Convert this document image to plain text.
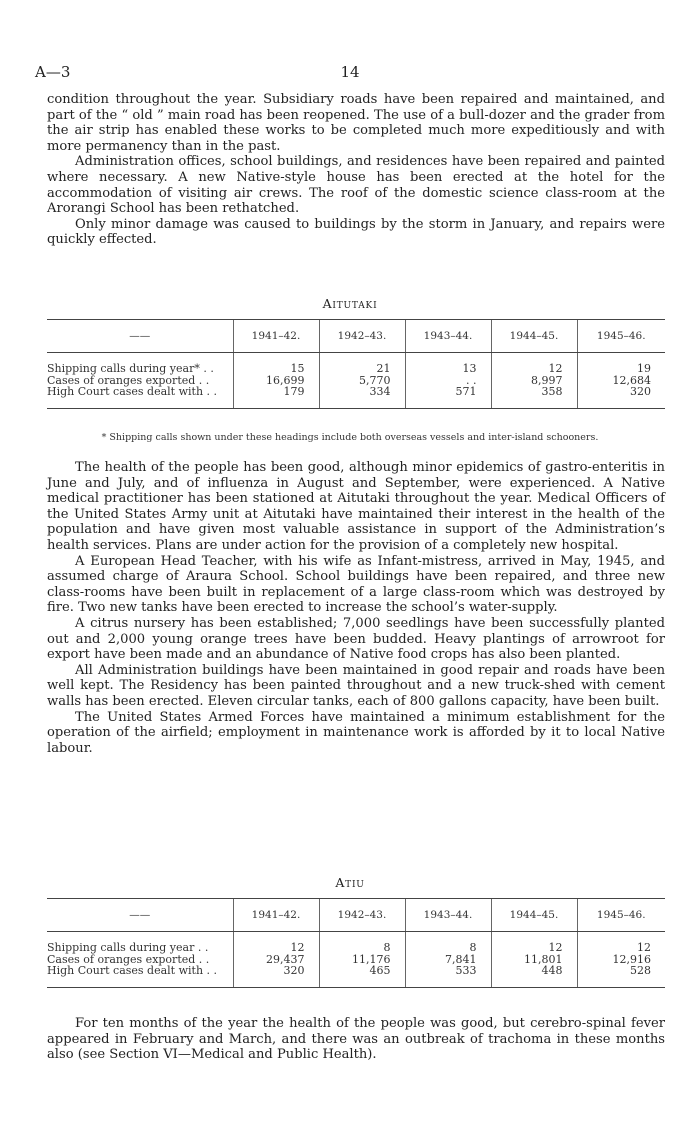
A—3	14

condition throughout the year. Subsidiary roads have been repaired and maintained, and part of the “ old ” main road has been reopened. The use of a bull-dozer and the grader from the air strip has enabled these works to be completed much more expeditiously and with more permanency than in the past.

Administration offices, school buildings, and residences have been repaired and painted where necessary. A new Native-style house has been erected at the hotel for the accommodation of visiting air crews. The roof of the domestic science class-room at the Arorangi School has been rethatched.

Only minor damage was caused to buildings by the storm in January, and repairs were quickly effected.

Aitutaki
——	1941–42.	1942–43.	1943–44.	1944–45.	1945–46.
Shipping calls during year* . .	15	21	13	12	19
Cases of oranges exported . .	16,699	5,770	. .	8,997	12,684
High Court cases dealt with . .	179	334	571	358	320
* Shipping calls shown under these headings include both overseas vessels and inter-island schooners.

The health of the people has been good, although minor epidemics of gastro-enteritis in June and July, and of influenza in August and September, were experienced. A Native medical practitioner has been stationed at Aitutaki throughout the year. Medical Officers of the United States Army unit at Aitutaki have maintained their interest in the health of the population and have given most valuable assistance in support of the Administration’s health services. Plans are under action for the provision of a completely new hospital.

A European Head Teacher, with his wife as Infant-mistress, arrived in May, 1945, and assumed charge of Araura School. School buildings have been repaired, and three new class-rooms have been built in replacement of a large class-room which was destroyed by fire. Two new tanks have been erected to increase the school’s water-supply.

A citrus nursery has been established; 7,000 seedlings have been successfully planted out and 2,000 young orange trees have been budded. Heavy plantings of arrowroot for export have been made and an abundance of Native food crops has also been planted.

All Administration buildings have been maintained in good repair and roads have been well kept. The Residency has been painted throughout and a new truck-shed with cement walls has been erected. Eleven circular tanks, each of 800 gallons capacity, have been built.

The United States Armed Forces have maintained a minimum establishment for the operation of the airfield; employment in maintenance work is afforded by it to local Native labour.

Atiu
——	1941–42.	1942–43.	1943–44.	1944–45.	1945–46.
Shipping calls during year . .	12	8	8	12	12
Cases of oranges exported . .	29,437	11,176	7,841	11,801	12,916
High Court cases dealt with . .	320	465	533	448	528

For ten months of the year the health of the people was good, but cerebro-spinal fever appeared in February and March, and there was an outbreak of trachoma in these months also (see Section VI—Medical and Public Health).
